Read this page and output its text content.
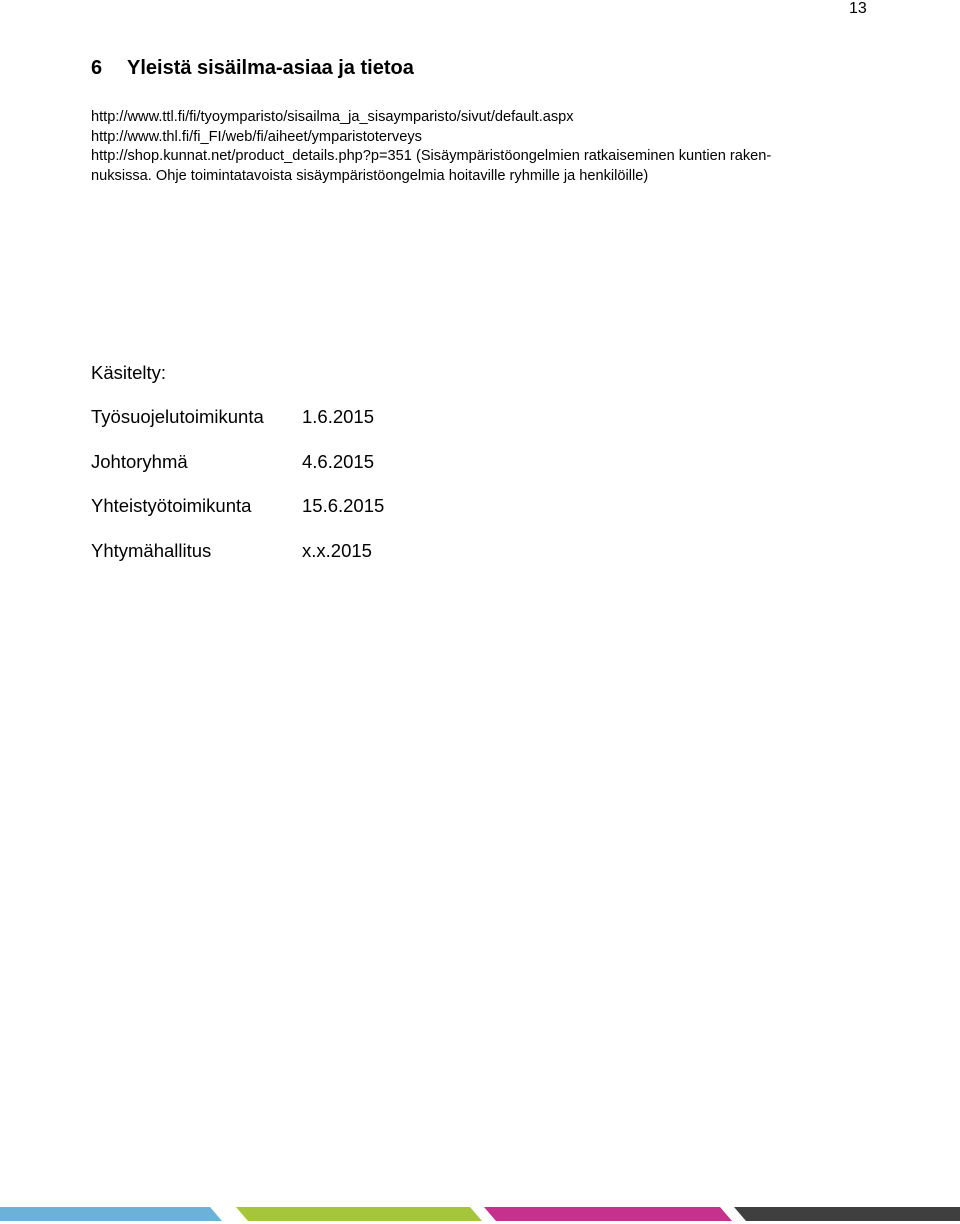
13
6 Yleistä sisäilma-asiaa ja tietoa
http://www.ttl.fi/fi/tyoymparisto/sisailma_ja_sisaymparisto/sivut/default.aspx
http://www.thl.fi/fi_FI/web/fi/aiheet/ymparistoterveys
http://shop.kunnat.net/product_details.php?p=351 (Sisäympäristöongelmien ratkaiseminen kuntien raken-
nuksissa. Ohje toimintatavoista sisäympäristöongelmia hoitaville ryhmille ja henkilöille)
Käsitelty:
Työsuojelutoimikunta 1.6.2015
Johtoryhmä	4.6.2015
Yhteistyötoimikunta	15.6.2015
Yhtymähallitus	x.x.2015
